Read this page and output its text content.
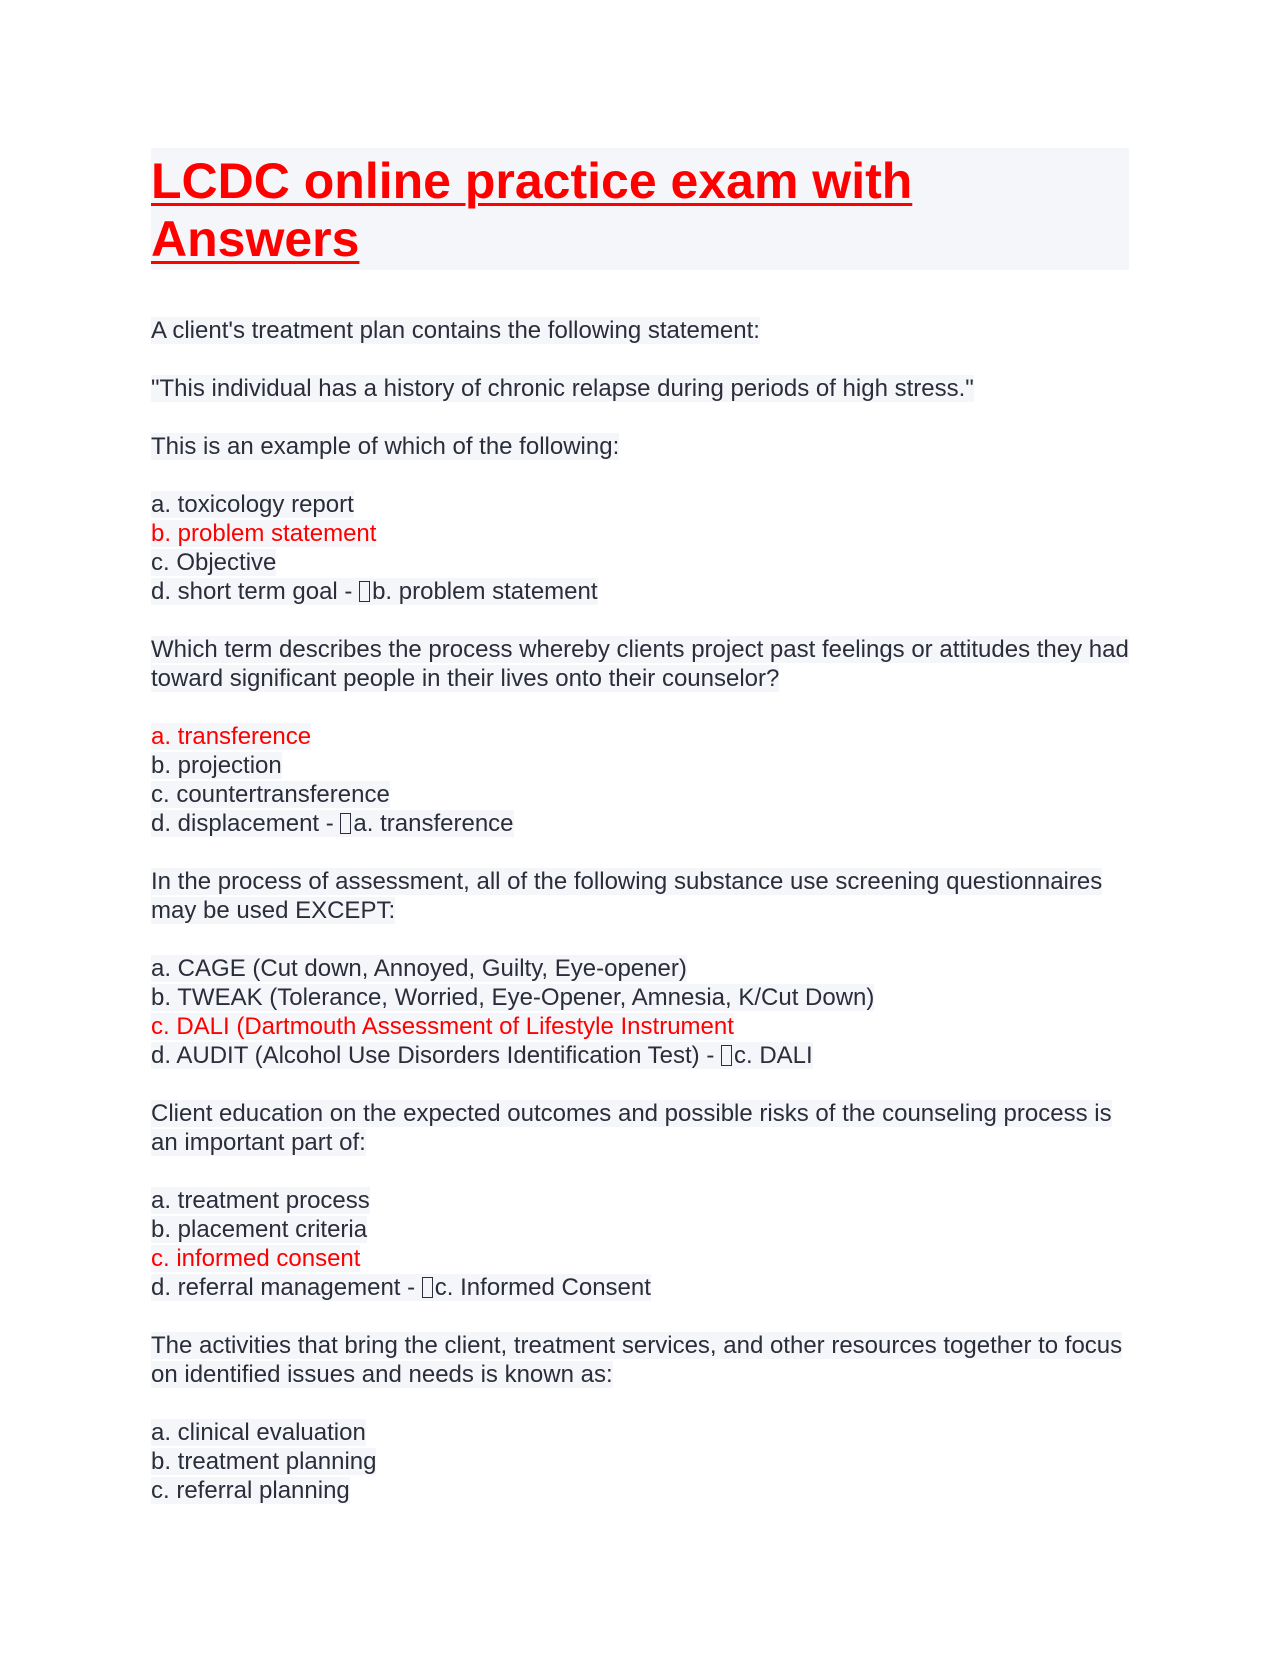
LCDC online practice exam with Answers

A client's treatment plan contains the following statement:

"This individual has a history of chronic relapse during periods of high stress."

This is an example of which of the following:

a. toxicology report
b. problem statement
c. Objective
d. short term goal - b. problem statement

Which term describes the process whereby clients project past feelings or attitudes they had toward significant people in their lives onto their counselor?

a. transference
b. projection
c. countertransference
d. displacement - a. transference

In the process of assessment, all of the following substance use screening questionnaires may be used EXCEPT:

a. CAGE (Cut down, Annoyed, Guilty, Eye-opener)
b. TWEAK (Tolerance, Worried, Eye-Opener, Amnesia, K/Cut Down)
c. DALI (Dartmouth Assessment of Lifestyle Instrument
d. AUDIT (Alcohol Use Disorders Identification Test) - c. DALI

Client education on the expected outcomes and possible risks of the counseling process is an important part of:

a. treatment process
b. placement criteria
c. informed consent
d. referral management - c. Informed Consent

The activities that bring the client, treatment services, and other resources together to focus on identified issues and needs is known as:

a. clinical evaluation
b. treatment planning
c. referral planning
